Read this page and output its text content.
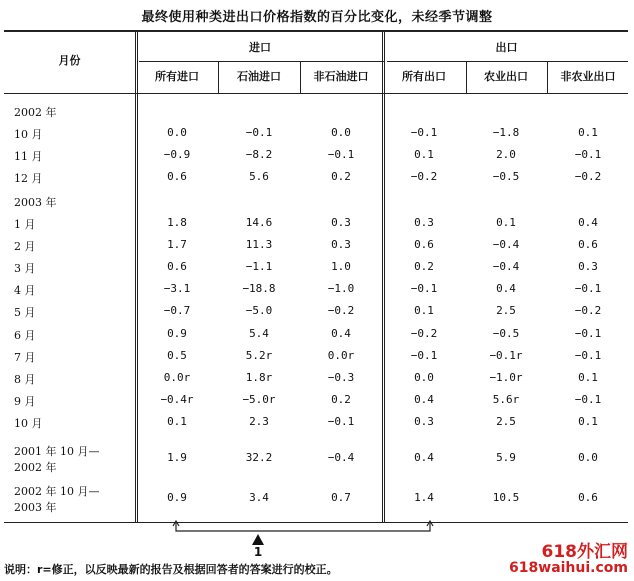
最终使用种类进出口价格指数的百分比变化，未经季节调整
月份
进口	出口
所有进口	石油进口	非石油进口	所有出口	农业出口	非农业出口
2002 年
10 月	0.0	−0.1	0.0	−0.1	−1.8	0.1
11 月	−0.9	−8.2	−0.1	0.1	2.0	−0.1
12 月	0.6	5.6	0.2	−0.2	−0.5	−0.2
2003 年
1 月	1.8	14.6	0.3	0.3	0.1	0.4
2 月	1.7	11.3	0.3	0.6	−0.4	0.6
3 月	0.6	−1.1	1.0	0.2	−0.4	0.3
4 月	−3.1	−18.8	−1.0	−0.1	0.4	−0.1
5 月	−0.7	−5.0	−0.2	0.1	2.5	−0.2
6 月	0.9	5.4	0.4	−0.2	−0.5	−0.1
7 月	0.5	5.2r	0.0r	−0.1	−0.1r	−0.1
8 月	0.0r	1.8r	−0.3	0.0	−1.0r	0.1
9 月	−0.4r	−5.0r	0.2	0.4	5.6r	−0.1
10 月	0.1	2.3	−0.1	0.3	2.5	0.1
2001 年 10 月—
2002 年
1.9	32.2	−0.4	0.4	5.9	0.0
2002 年 10 月—
2003 年
0.9	3.4	0.7	1.4	10.5	0.6
1
说明：r=修正，以反映最新的报告及根据回答者的答案进行的校正。
618外汇网
618waihui.com
